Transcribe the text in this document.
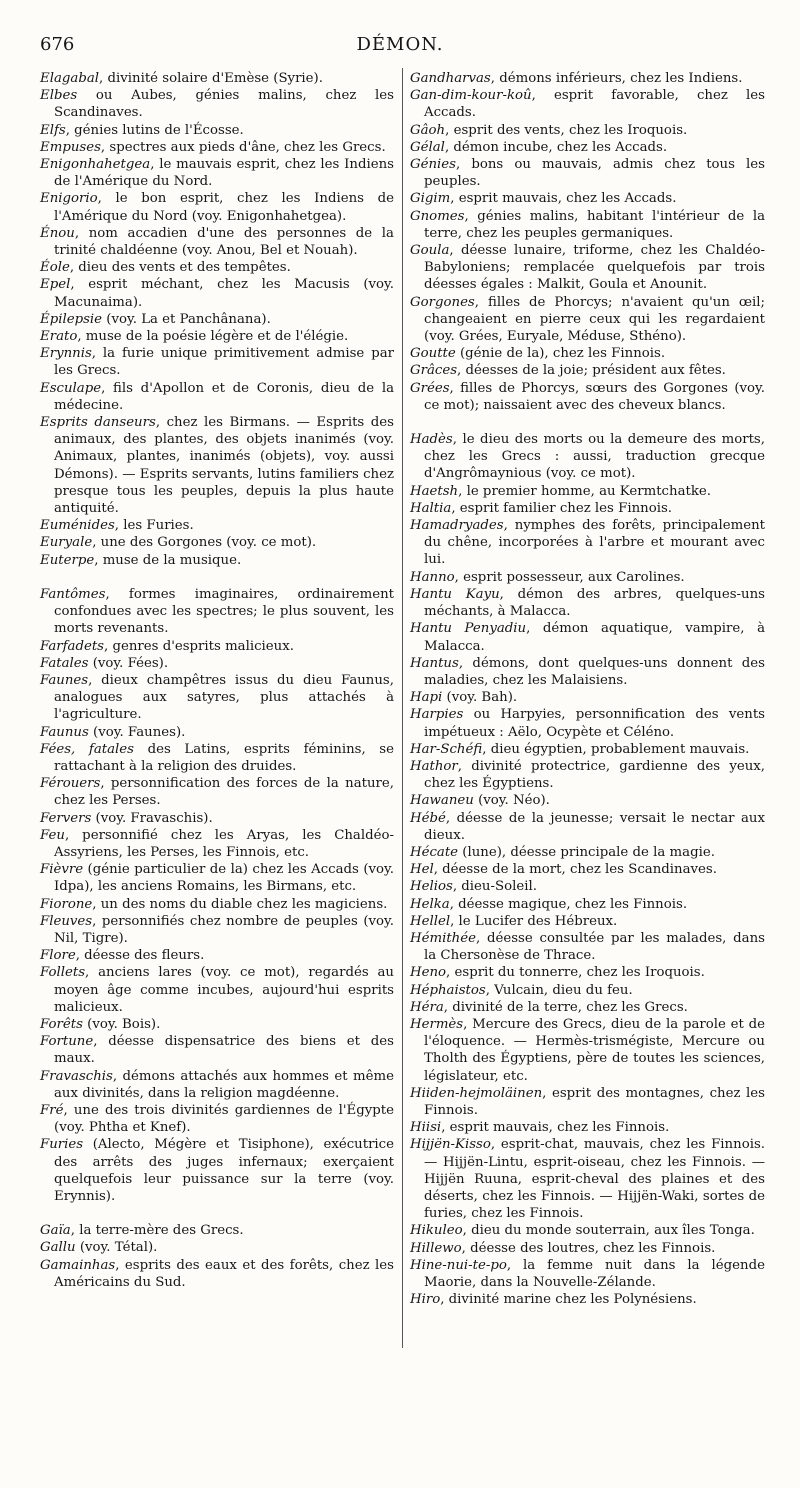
676	DÉMON.
Elagabal, divinité solaire d'Emèse (Syrie).
Elbes ou Aubes, génies malins, chez les Scandinaves.
Elfs, génies lutins de l'Écosse.
Empuses, spectres aux pieds d'âne, chez les Grecs.
Enigonhahetgea, le mauvais esprit, chez les Indiens de l'Amérique du Nord.
Enigorio, le bon esprit, chez les Indiens de l'Amérique du Nord (voy. Enigonhahetgea).
Énou, nom accadien d'une des personnes de la trinité chaldéenne (voy. Anou, Bel et Nouah).
Éole, dieu des vents et des tempêtes.
Epel, esprit méchant, chez les Macusis (voy. Macunaima).
Épilepsie (voy. La et Panchânana).
Erato, muse de la poésie légère et de l'élégie.
Erynnis, la furie unique primitivement admise par les Grecs.
Esculape, fils d'Apollon et de Coronis, dieu de la médecine.
Esprits danseurs, chez les Birmans. — Esprits des animaux, des plantes, des objets inanimés (voy. Animaux, plantes, inanimés (objets), voy. aussi Démons). — Esprits servants, lutins familiers chez presque tous les peuples, depuis la plus haute antiquité.
Euménides, les Furies.
Euryale, une des Gorgones (voy. ce mot).
Euterpe, muse de la musique.
Fantômes, formes imaginaires, ordinairement confondues avec les spectres; le plus souvent, les morts revenants.
Farfadets, genres d'esprits malicieux.
Fatales (voy. Fées).
Faunes, dieux champêtres issus du dieu Faunus, analogues aux satyres, plus attachés à l'agriculture.
Faunus (voy. Faunes).
Fées, fatales des Latins, esprits féminins, se rattachant à la religion des druides.
Férouers, personnification des forces de la nature, chez les Perses.
Fervers (voy. Fravaschis).
Feu, personnifié chez les Aryas, les Chaldéo-Assyriens, les Perses, les Finnois, etc.
Fièvre (génie particulier de la) chez les Accads (voy. Idpa), les anciens Romains, les Birmans, etc.
Fiorone, un des noms du diable chez les magiciens.
Fleuves, personnifiés chez nombre de peuples (voy. Nil, Tigre).
Flore, déesse des fleurs.
Follets, anciens lares (voy. ce mot), regardés au moyen âge comme incubes, aujourd'hui esprits malicieux.
Forêts (voy. Bois).
Fortune, déesse dispensatrice des biens et des maux.
Fravaschis, démons attachés aux hommes et même aux divinités, dans la religion magdéenne.
Fré, une des trois divinités gardiennes de l'Égypte (voy. Phtha et Knef).
Furies (Alecto, Mégère et Tisiphone), exécutrice des arrêts des juges infernaux; exerçaient quelquefois leur puissance sur la terre (voy. Erynnis).
Gaïa, la terre-mère des Grecs.
Gallu (voy. Tétal).
Gamainhas, esprits des eaux et des forêts, chez les Américains du Sud.
Gandharvas, démons inférieurs, chez les Indiens.
Gan-dim-kour-koû, esprit favorable, chez les Accads.
Gâoh, esprit des vents, chez les Iroquois.
Gélal, démon incube, chez les Accads.
Génies, bons ou mauvais, admis chez tous les peuples.
Gigim, esprit mauvais, chez les Accads.
Gnomes, génies malins, habitant l'intérieur de la terre, chez les peuples germaniques.
Goula, déesse lunaire, triforme, chez les Chaldéo-Babyloniens; remplacée quelquefois par trois déesses égales : Malkit, Goula et Anounit.
Gorgones, filles de Phorcys; n'avaient qu'un œil; changeaient en pierre ceux qui les regardaient (voy. Grées, Euryale, Méduse, Sthéno).
Goutte (génie de la), chez les Finnois.
Grâces, déesses de la joie; président aux fêtes.
Grées, filles de Phorcys, sœurs des Gorgones (voy. ce mot); naissaient avec des cheveux blancs.
Hadès, le dieu des morts ou la demeure des morts, chez les Grecs : aussi, traduction grecque d'Angrômaynious (voy. ce mot).
Haetsh, le premier homme, au Kermtchatke.
Haltia, esprit familier chez les Finnois.
Hamadryades, nymphes des forêts, principalement du chêne, incorporées à l'arbre et mourant avec lui.
Hanno, esprit possesseur, aux Carolines.
Hantu Kayu, démon des arbres, quelques-uns méchants, à Malacca.
Hantu Penyadiu, démon aquatique, vampire, à Malacca.
Hantus, démons, dont quelques-uns donnent des maladies, chez les Malaisiens.
Hapi (voy. Bah).
Harpies ou Harpyies, personnification des vents impétueux : Aëlo, Ocypète et Céléno.
Har-Schéfi, dieu égyptien, probablement mauvais.
Hathor, divinité protectrice, gardienne des yeux, chez les Égyptiens.
Hawaneu (voy. Néo).
Hébé, déesse de la jeunesse; versait le nectar aux dieux.
Hécate (lune), déesse principale de la magie.
Hel, déesse de la mort, chez les Scandinaves.
Helios, dieu-Soleil.
Helka, déesse magique, chez les Finnois.
Hellel, le Lucifer des Hébreux.
Hémithée, déesse consultée par les malades, dans la Chersonèse de Thrace.
Heno, esprit du tonnerre, chez les Iroquois.
Héphaistos, Vulcain, dieu du feu.
Héra, divinité de la terre, chez les Grecs.
Hermès, Mercure des Grecs, dieu de la parole et de l'éloquence. — Hermès-trismégiste, Mercure ou Tholth des Égyptiens, père de toutes les sciences, législateur, etc.
Hiiden-hejmoläinen, esprit des montagnes, chez les Finnois.
Hiisi, esprit mauvais, chez les Finnois.
Hijjën-Kisso, esprit-chat, mauvais, chez les Finnois. — Hijjën-Lintu, esprit-oiseau, chez les Finnois. — Hijjën Ruuna, esprit-cheval des plaines et des déserts, chez les Finnois. — Hijjën-Waki, sortes de furies, chez les Finnois.
Hikuleo, dieu du monde souterrain, aux îles Tonga.
Hillewo, déesse des loutres, chez les Finnois.
Hine-nui-te-po, la femme nuit dans la légende Maorie, dans la Nouvelle-Zélande.
Hiro, divinité marine chez les Polynésiens.
